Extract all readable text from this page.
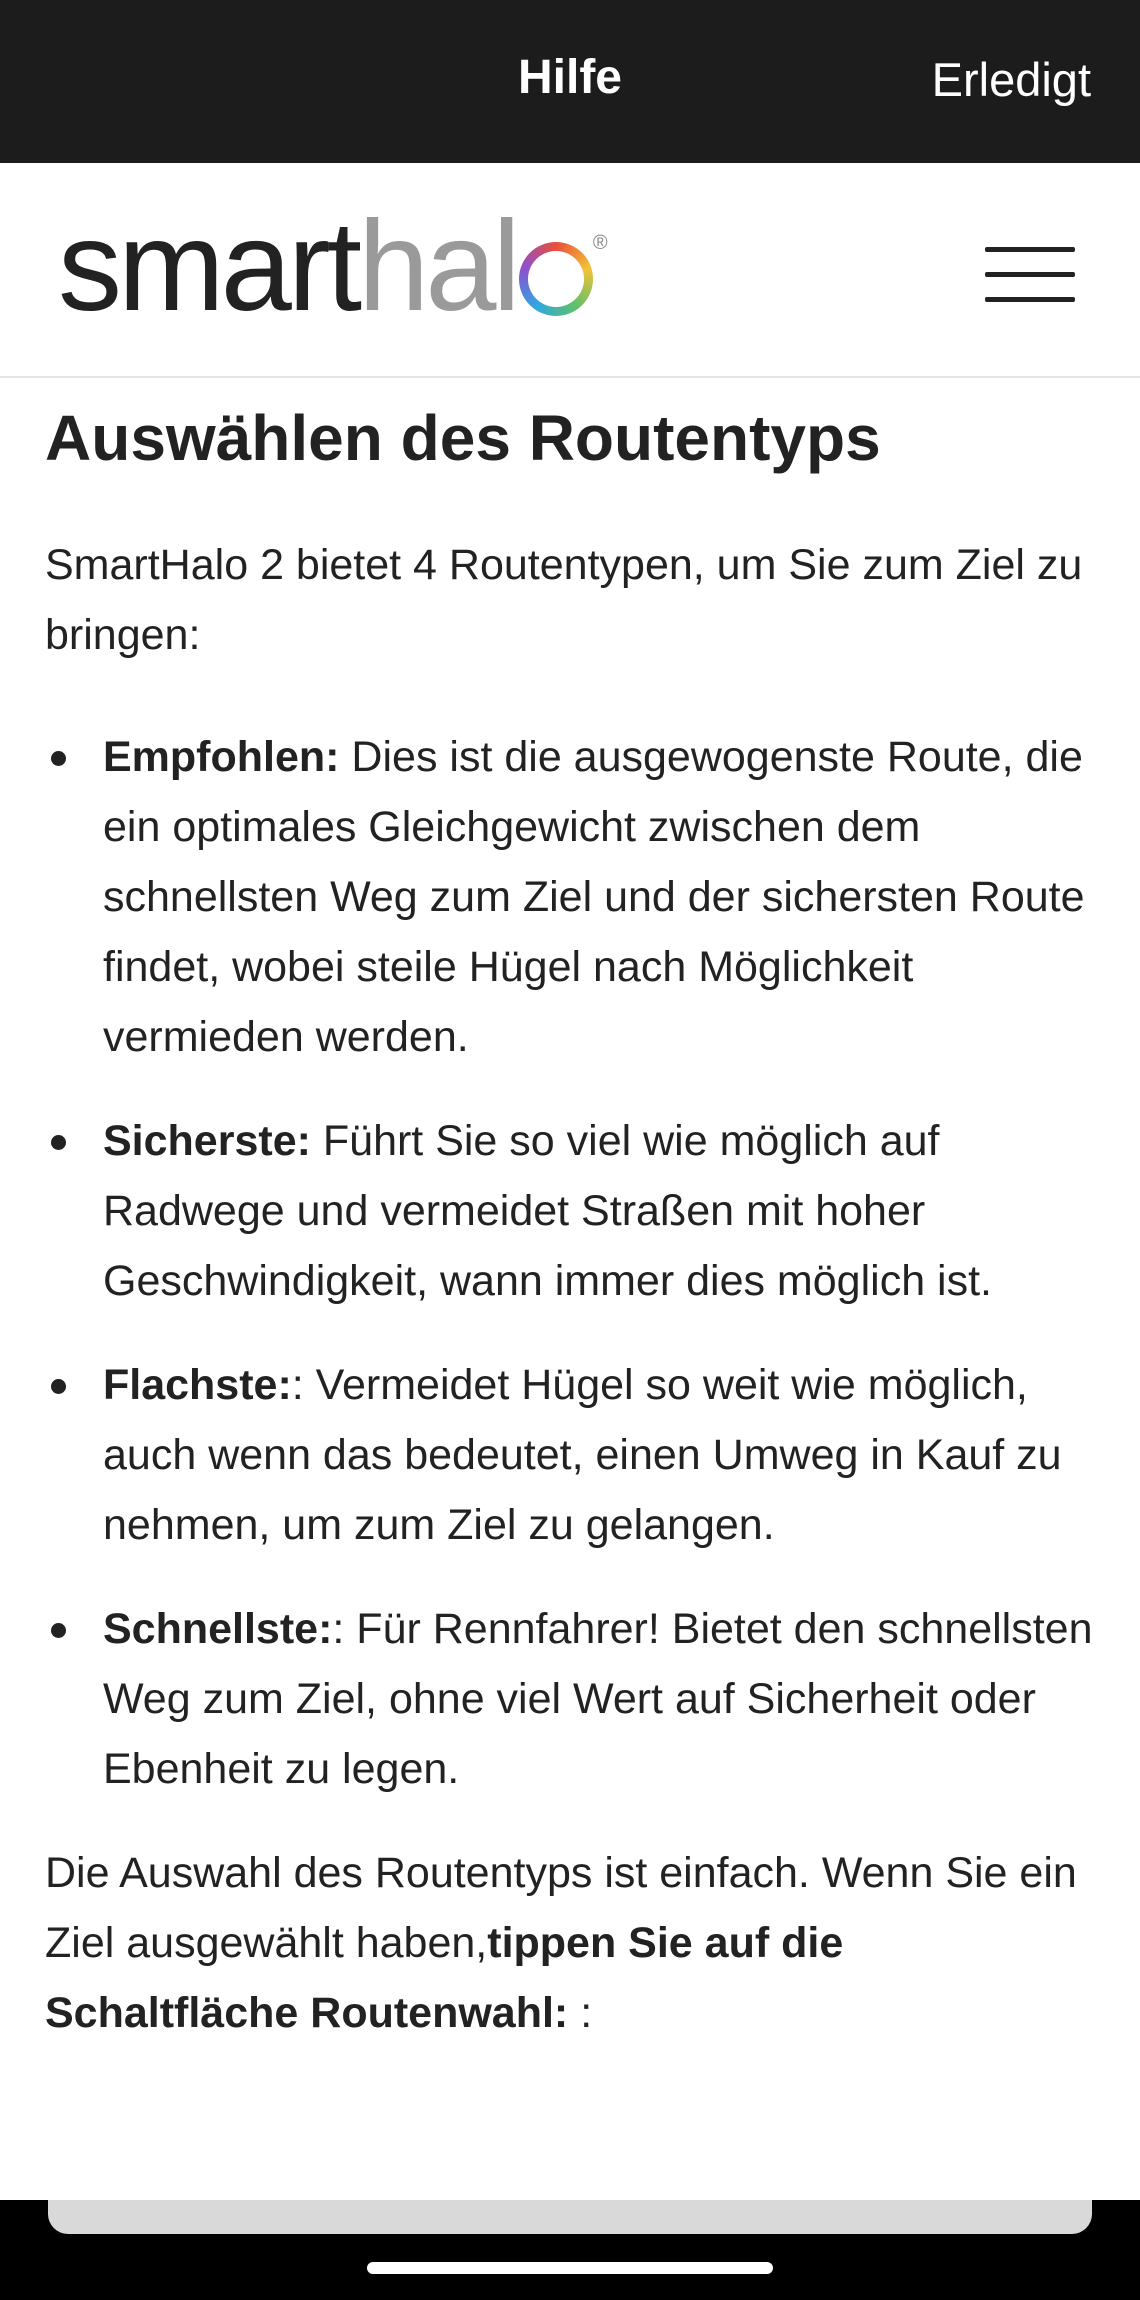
Hilfe	Erledigt
smarthal	®
Auswählen des Routentyps

SmartHalo 2 bietet 4 Routentypen, um Sie zum Ziel zu bringen:

Empfohlen: Dies ist die ausgewogenste Route, die ein optimales Gleichgewicht zwischen dem schnellsten Weg zum Ziel und der sichersten Route findet, wobei steile Hügel nach Möglichkeit vermieden werden.
Sicherste: Führt Sie so viel wie möglich auf Radwege und vermeidet Straßen mit hoher Geschwindigkeit, wann immer dies möglich ist.
Flachste:: Vermeidet Hügel so weit wie möglich, auch wenn das bedeutet, einen Umweg in Kauf zu nehmen, um zum Ziel zu gelangen.
Schnellste:: Für Rennfahrer! Bietet den schnellsten Weg zum Ziel, ohne viel Wert auf Sicherheit oder Ebenheit zu legen.

Die Auswahl des Routentyps ist einfach. Wenn Sie ein Ziel ausgewählt haben,tippen Sie auf die Schaltfläche Routenwahl: :
